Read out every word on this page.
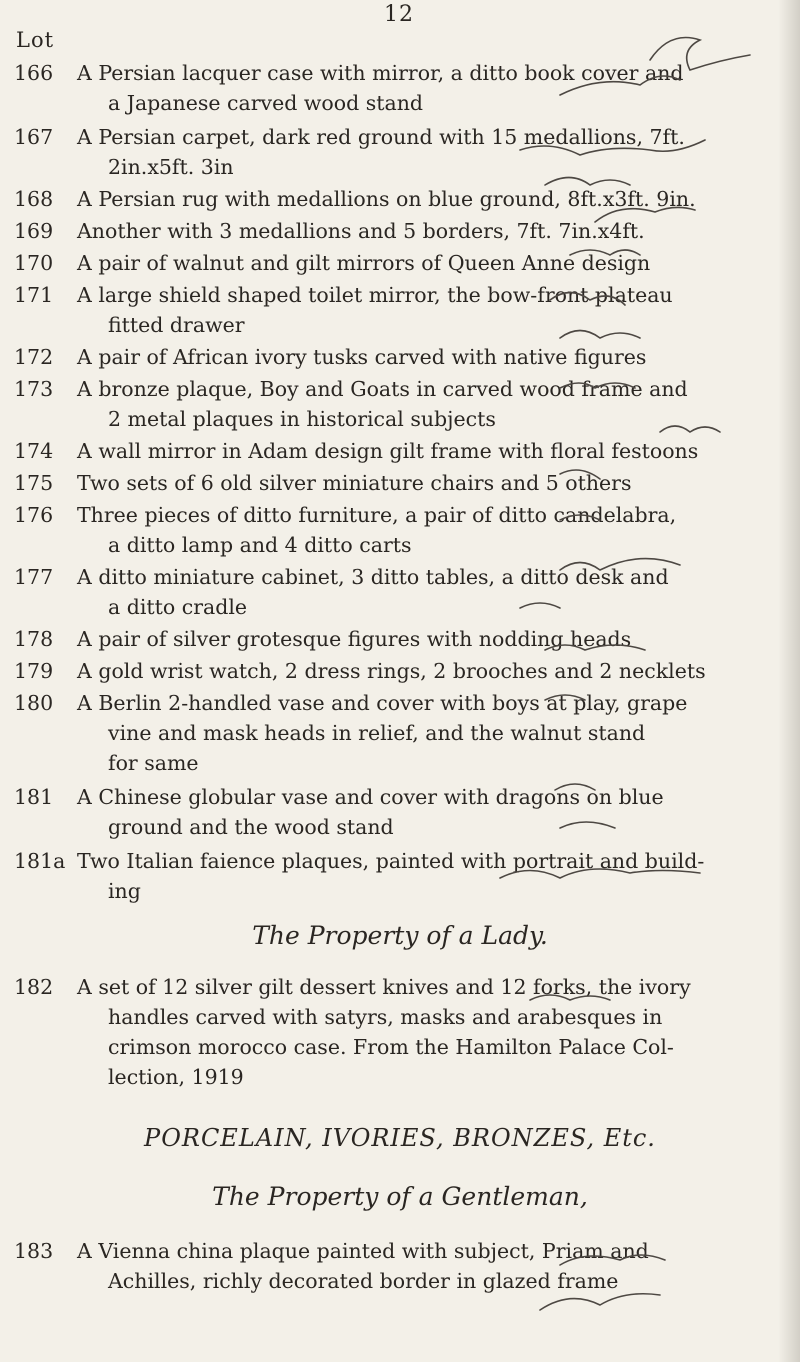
12
Lot
166 A Persian lacquer case with mirror, a ditto book cover and
a Japanese carved wood stand
167 A Persian carpet, dark red ground with 15 medallions, 7ft.
2in.x5ft. 3in
168 A Persian rug with medallions on blue ground, 8ft.x3ft. 9in.
169 Another with 3 medallions and 5 borders, 7ft. 7in.x4ft.
170 A pair of walnut and gilt mirrors of Queen Anne design
171 A large shield shaped toilet mirror, the bow-front plateau
fitted drawer
172 A pair of African ivory tusks carved with native figures
173 A bronze plaque, Boy and Goats in carved wood frame and
2 metal plaques in historical subjects
174 A wall mirror in Adam design gilt frame with floral festoons
175 Two sets of 6 old silver miniature chairs and 5 others
176 Three pieces of ditto furniture, a pair of ditto candelabra,
a ditto lamp and 4 ditto carts
177 A ditto miniature cabinet, 3 ditto tables, a ditto desk and
a ditto cradle
178 A pair of silver grotesque figures with nodding heads
179 A gold wrist watch, 2 dress rings, 2 brooches and 2 necklets
180 A Berlin 2-handled vase and cover with boys at play, grape
vine and mask heads in relief, and the walnut stand
for same
181 A Chinese globular vase and cover with dragons on blue
ground and the wood stand
181a Two Italian faience plaques, painted with portrait and build-
ing
The Property of a Lady.
182 A set of 12 silver gilt dessert knives and 12 forks, the ivory
handles carved with satyrs, masks and arabesques in
crimson morocco case. From the Hamilton Palace Col-
lection, 1919
PORCELAIN, IVORIES, BRONZES, Etc.
The Property of a Gentleman,
183 A Vienna china plaque painted with subject, Priam and
Achilles, richly decorated border in glazed frame
